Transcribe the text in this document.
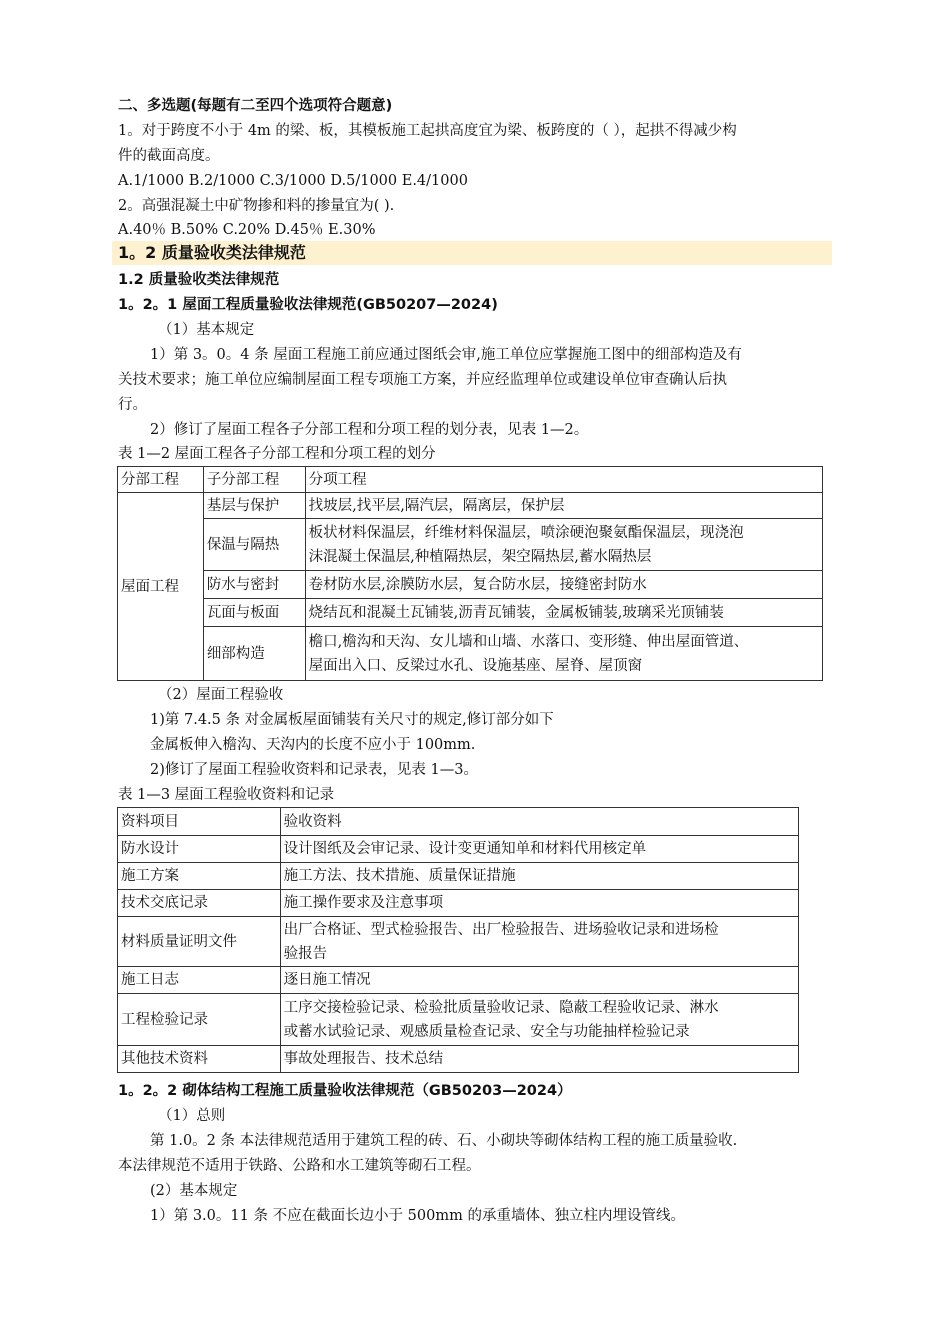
二、多选题(每题有二至四个选项符合题意)
1。对于跨度不小于 4m 的梁、板，其模板施工起拱高度宜为梁、板跨度的（ ），起拱不得减少构
件的截面高度。
A.1/1000 B.2/1000 C.3/1000 D.5/1000 E.4/1000
2。高强混凝土中矿物掺和料的掺量宜为( ).
A.40％ B.50% C.20% D.45％ E.30%
1。2 质量验收类法律规范
1.2 质量验收类法律规范
1。2。1 屋面工程质量验收法律规范(GB50207—2024)
（1）基本规定
1）第 3。0。4 条 屋面工程施工前应通过图纸会审,施工单位应掌握施工图中的细部构造及有
关技术要求；施工单位应编制屋面工程专项施工方案，并应经监理单位或建设单位审查确认后执
行。
2）修订了屋面工程各子分部工程和分项工程的划分表，见表 1—2。
表 1—2 屋面工程各子分部工程和分项工程的划分
分部工程	子分部工程	分项工程
屋面工程	基层与保护	找坡层,找平层,隔汽层，隔离层，保护层

	保温与隔热	板状材料保温层，纤维材料保温层，喷涂硬泡聚氨酯保温层，现浇泡
沫混凝土保温层,种植隔热层，架空隔热层,蓄水隔热层

	防水与密封	卷材防水层,涂膜防水层，复合防水层，接缝密封防水

	瓦面与板面	烧结瓦和混凝土瓦铺装,沥青瓦铺装，金属板铺装,玻璃采光顶铺装

	细部构造	檐口,檐沟和天沟、女儿墙和山墙、水落口、变形缝、伸出屋面管道、
屋面出入口、反梁过水孔、设施基座、屋脊、屋顶窗
（2）屋面工程验收
1)第 7.4.5 条 对金属板屋面铺装有关尺寸的规定,修订部分如下
金属板伸入檐沟、天沟内的长度不应小于 100mm.
2)修订了屋面工程验收资料和记录表，见表 1—3。
表 1—3 屋面工程验收资料和记录
资料项目	验收资料
防水设计	设计图纸及会审记录、设计变更通知单和材料代用核定单

施工方案	施工方法、技术措施、质量保证措施

技术交底记录	施工操作要求及注意事项

材料质量证明文件	出厂合格证、型式检验报告、出厂检验报告、进场验收记录和进场检
验报告

施工日志	逐日施工情况

工程检验记录	工序交接检验记录、检验批质量验收记录、隐蔽工程验收记录、淋水
或蓄水试验记录、观感质量检查记录、安全与功能抽样检验记录

其他技术资料	事故处理报告、技术总结
1。2。2 砌体结构工程施工质量验收法律规范（GB50203—2024）
（1）总则
第 1.0。2 条 本法律规范适用于建筑工程的砖、石、小砌块等砌体结构工程的施工质量验收.
本法律规范不适用于铁路、公路和水工建筑等砌石工程。
(2）基本规定
1）第 3.0。11 条 不应在截面长边小于 500mm 的承重墙体、独立柱内埋设管线。
